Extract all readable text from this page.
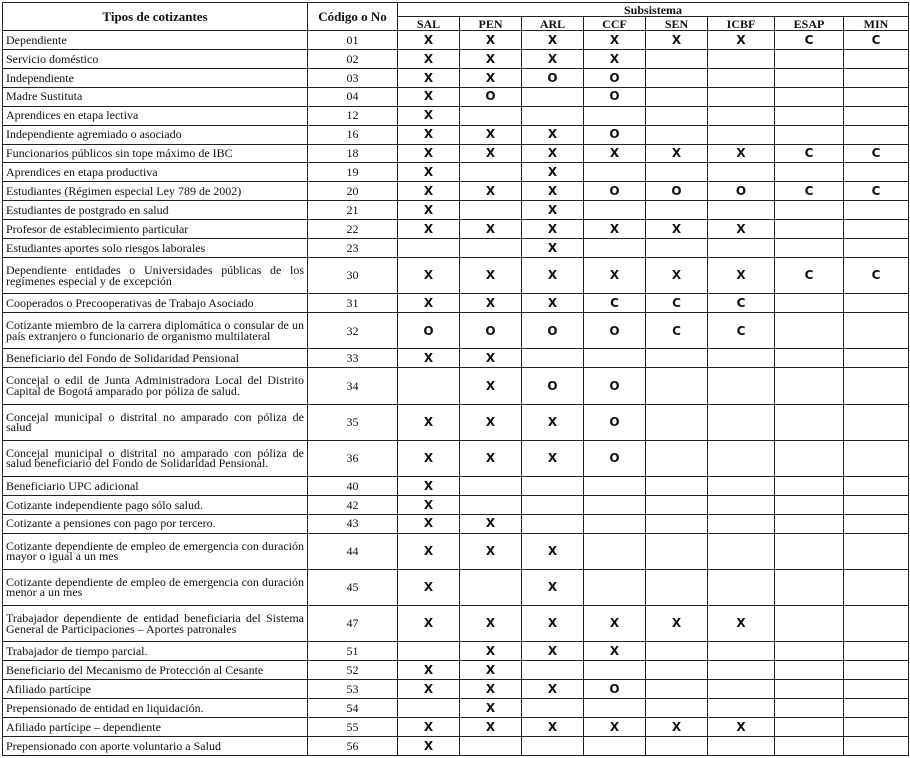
Tipos de cotizantes	Código o No	Subsistema							
		SAL	PEN	ARL	CCF	SEN	ICBF	ESAP	MIN
Dependiente	01	X	X	X	X	X	X	C	C
Servicio doméstico	02	X	X	X	X				
Independiente	03	X	X	O	O				
Madre Sustituta	04	X	O		O				
Aprendices en etapa lectiva	12	X							
Independiente agremiado o asociado	16	X	X	X	O				
Funcionarios públicos sin tope máximo de IBC	18	X	X	X	X	X	X	C	C
Aprendices en etapa productiva	19	X		X					
Estudiantes (Régimen especial Ley 789 de 2002)	20	X	X	X	O	O	O	C	C
Estudiantes de postgrado en salud	21	X		X					
Profesor de establecimiento particular	22	X	X	X	X	X	X		
Estudiantes aportes solo riesgos laborales	23			X					
Dependiente entidades o Universidades públicas de los regímenes especial y de excepción	30	X	X	X	X	X	X	C	C
Cooperados o Precooperativas de Trabajo Asociado	31	X	X	X	C	C	C		
Cotizante miembro de la carrera diplomática o consular de un país extranjero o funcionario de organismo multilateral	32	O	O	O	O	C	C		
Beneficiario del Fondo de Solidaridad Pensional	33	X	X						
Concejal o edil de Junta Administradora Local del Distrito Capital de Bogotá amparado por póliza de salud.	34		X	O	O				
Concejal municipal o distrital no amparado con póliza de salud	35	X	X	X	O				
Concejal municipal o distrital no amparado con póliza de salud beneficiario del Fondo de Solidaridad Pensional.	36	X	X	X	O				
Beneficiario UPC adicional	40	X							
Cotizante independiente pago sólo salud.	42	X							
Cotizante a pensiones con pago por tercero.	43	X	X						
Cotizante dependiente de empleo de emergencia con duración mayor o igual a un mes	44	X	X	X					
Cotizante dependiente de empleo de emergencia con duración menor a un mes	45	X		X					
Trabajador dependiente de entidad beneficiaria del Sistema General de Participaciones – Aportes patronales	47	X	X	X	X	X	X		
Trabajador de tiempo parcial.	51		X	X	X				
Beneficiario del Mecanismo de Protección al Cesante	52	X	X						
Afiliado partícipe	53	X	X	X	O				
Prepensionado de entidad en liquidación.	54		X						
Afiliado partícipe – dependiente	55	X	X	X	X	X	X		
Prepensionado con aporte voluntario a Salud	56	X							
